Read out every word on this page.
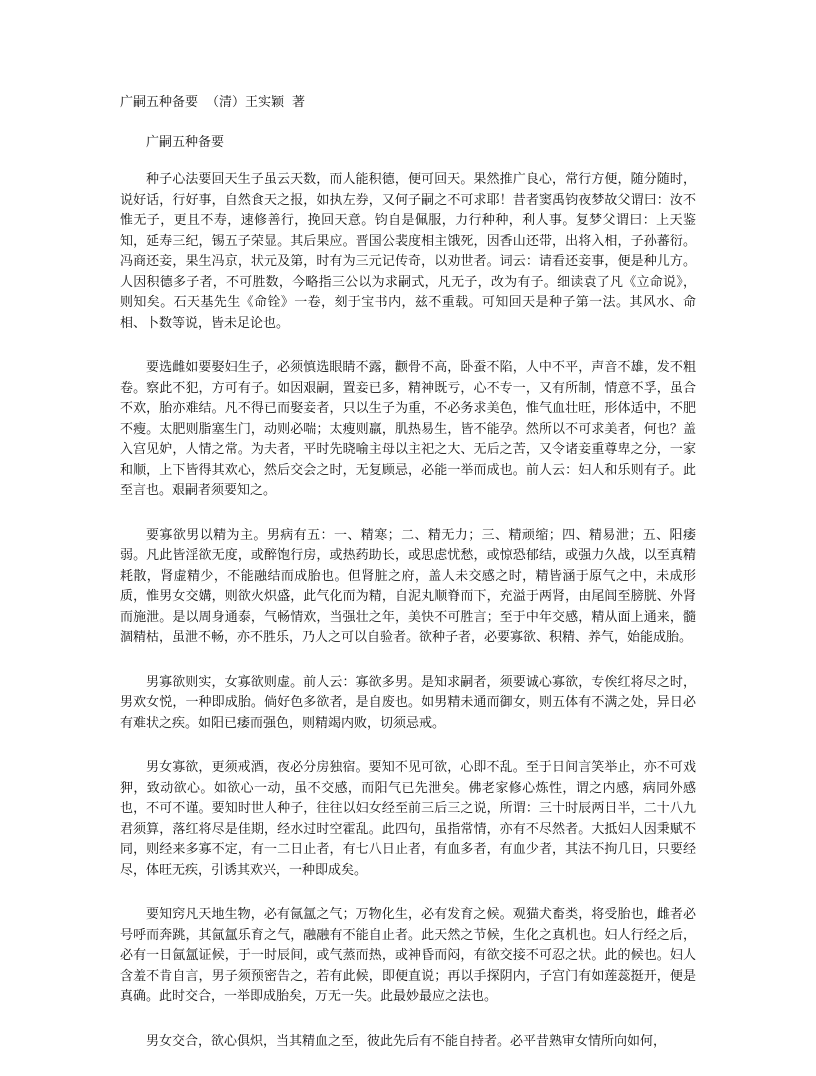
广嗣五种备要 （清）王实颖 著
广嗣五种备要

种子心法要回天生子虽云天数，而人能积德，便可回天。果然推广良心，常行方便，随分随时，说好话，行好事，自然食天之报，如执左券，又何子嗣之不可求耶！昔者窦禹钧夜梦故父谓曰：汝不惟无子，更且不寿，速修善行，挽回天意。钧自是佩服，力行种种，利人事。复梦父谓曰：上天鉴知，延寿三纪，锡五子荣显。其后果应。晋国公裴度相主饿死，因香山还带，出将入相，子孙蕃衍。冯商还妾，果生冯京，状元及第，时有为三元记传奇，以劝世者。词云：请看还妾事，便是种儿方。人因积德多子者，不可胜数，今略指三公以为求嗣式，凡无子，改为有子。细读袁了凡《立命说》，则知矣。石天基先生《命铨》一卷，刻于宝书内，兹不重载。可知回天是种子第一法。其风水、命相、卜数等说，皆未足论也。

要选雌如要娶妇生子，必须慎选眼睛不露，颧骨不高，卧蚕不陷，人中不平，声音不雄，发不粗卷。察此不犯，方可有子。如因艰嗣，置妾已多，精神既亏，心不专一，又有所制，情意不孚，虽合不欢，胎亦难结。凡不得已而娶妾者，只以生子为重，不必务求美色，惟气血壮旺，形体适中，不肥不瘦。太肥则脂塞生门，动则必喘；太瘦则羸，肌热易生，皆不能孕。然所以不可求美者，何也？盖入宫见妒，人情之常。为夫者，平时先晓喻主母以主祀之大、无后之苦，又令诸妾重尊卑之分，一家和顺，上下皆得其欢心，然后交会之时，无复顾忌，必能一举而成也。前人云：妇人和乐则有子。此至言也。艰嗣者须要知之。

要寡欲男以精为主。男病有五：一、精寒；二、精无力；三、精顽缩；四、精易泄；五、阳痿弱。凡此皆淫欲无度，或醉饱行房，或热药助长，或思虑忧愁，或惊恐郁结，或强力久战，以至真精耗散，肾虚精少，不能融结而成胎也。但肾脏之府，盖人未交感之时，精皆涵于原气之中，未成形质，惟男女交媾，则欲火炽盛，此气化而为精，自泥丸顺脊而下，充溢于两肾，由尾闾至膀胱、外肾而施泄。是以周身通泰，气畅情欢，当强壮之年，美快不可胜言；至于中年交感，精从面上通来，髓涸精枯，虽泄不畅，亦不胜乐，乃人之可以自验者。欲种子者，必要寡欲、积精、养气，始能成胎。

男寡欲则实，女寡欲则虚。前人云：寡欲多男。是知求嗣者，须要诚心寡欲，专俟红将尽之时，男欢女悦，一种即成胎。倘好色多欲者，是自废也。如男精未通而御女，则五体有不满之处，异日必有难状之疾。如阳已痿而强色，则精竭内败，切须忌戒。

男女寡欲，更须戒酒，夜必分房独宿。要知不见可欲，心即不乱。至于日间言笑举止，亦不可戏狎，致动欲心。如欲心一动，虽不交感，而阳气已先泄矣。佛老家修心炼性，谓之内感，病同外感也，不可不谨。要知时世人种子，往往以妇女经至前三后三之说，所谓：三十时辰两日半，二十八九君须算，落红将尽是佳期，经水过时空霍乱。此四句，虽指常情，亦有不尽然者。大抵妇人因秉赋不同，则经来多寡不定，有一二日止者，有七八日止者，有血多者，有血少者，其法不拘几日，只要经尽，体旺无疾，引诱其欢兴，一种即成矣。

要知窍凡天地生物，必有氤氲之气；万物化生，必有发育之候。观猫犬畜类，将受胎也，雌者必号呼而奔跳，其氤氲乐育之气，融融有不能自止者。此天然之节候，生化之真机也。妇人行经之后，必有一日氤氲证候，于一时辰间，或气蒸而热，或神昏而闷，有欲交接不可忍之状。此的候也。妇人含羞不肯自言，男子须预密告之，若有此候，即便直说；再以手探阴内，子宫门有如莲蕊挺开，便是真确。此时交合，一举即成胎矣，万无一失。此最妙最应之法也。

男女交合，欲心俱炽，当其精血之至，彼此先后有不能自持者。必平昔熟审女情所向如何，
